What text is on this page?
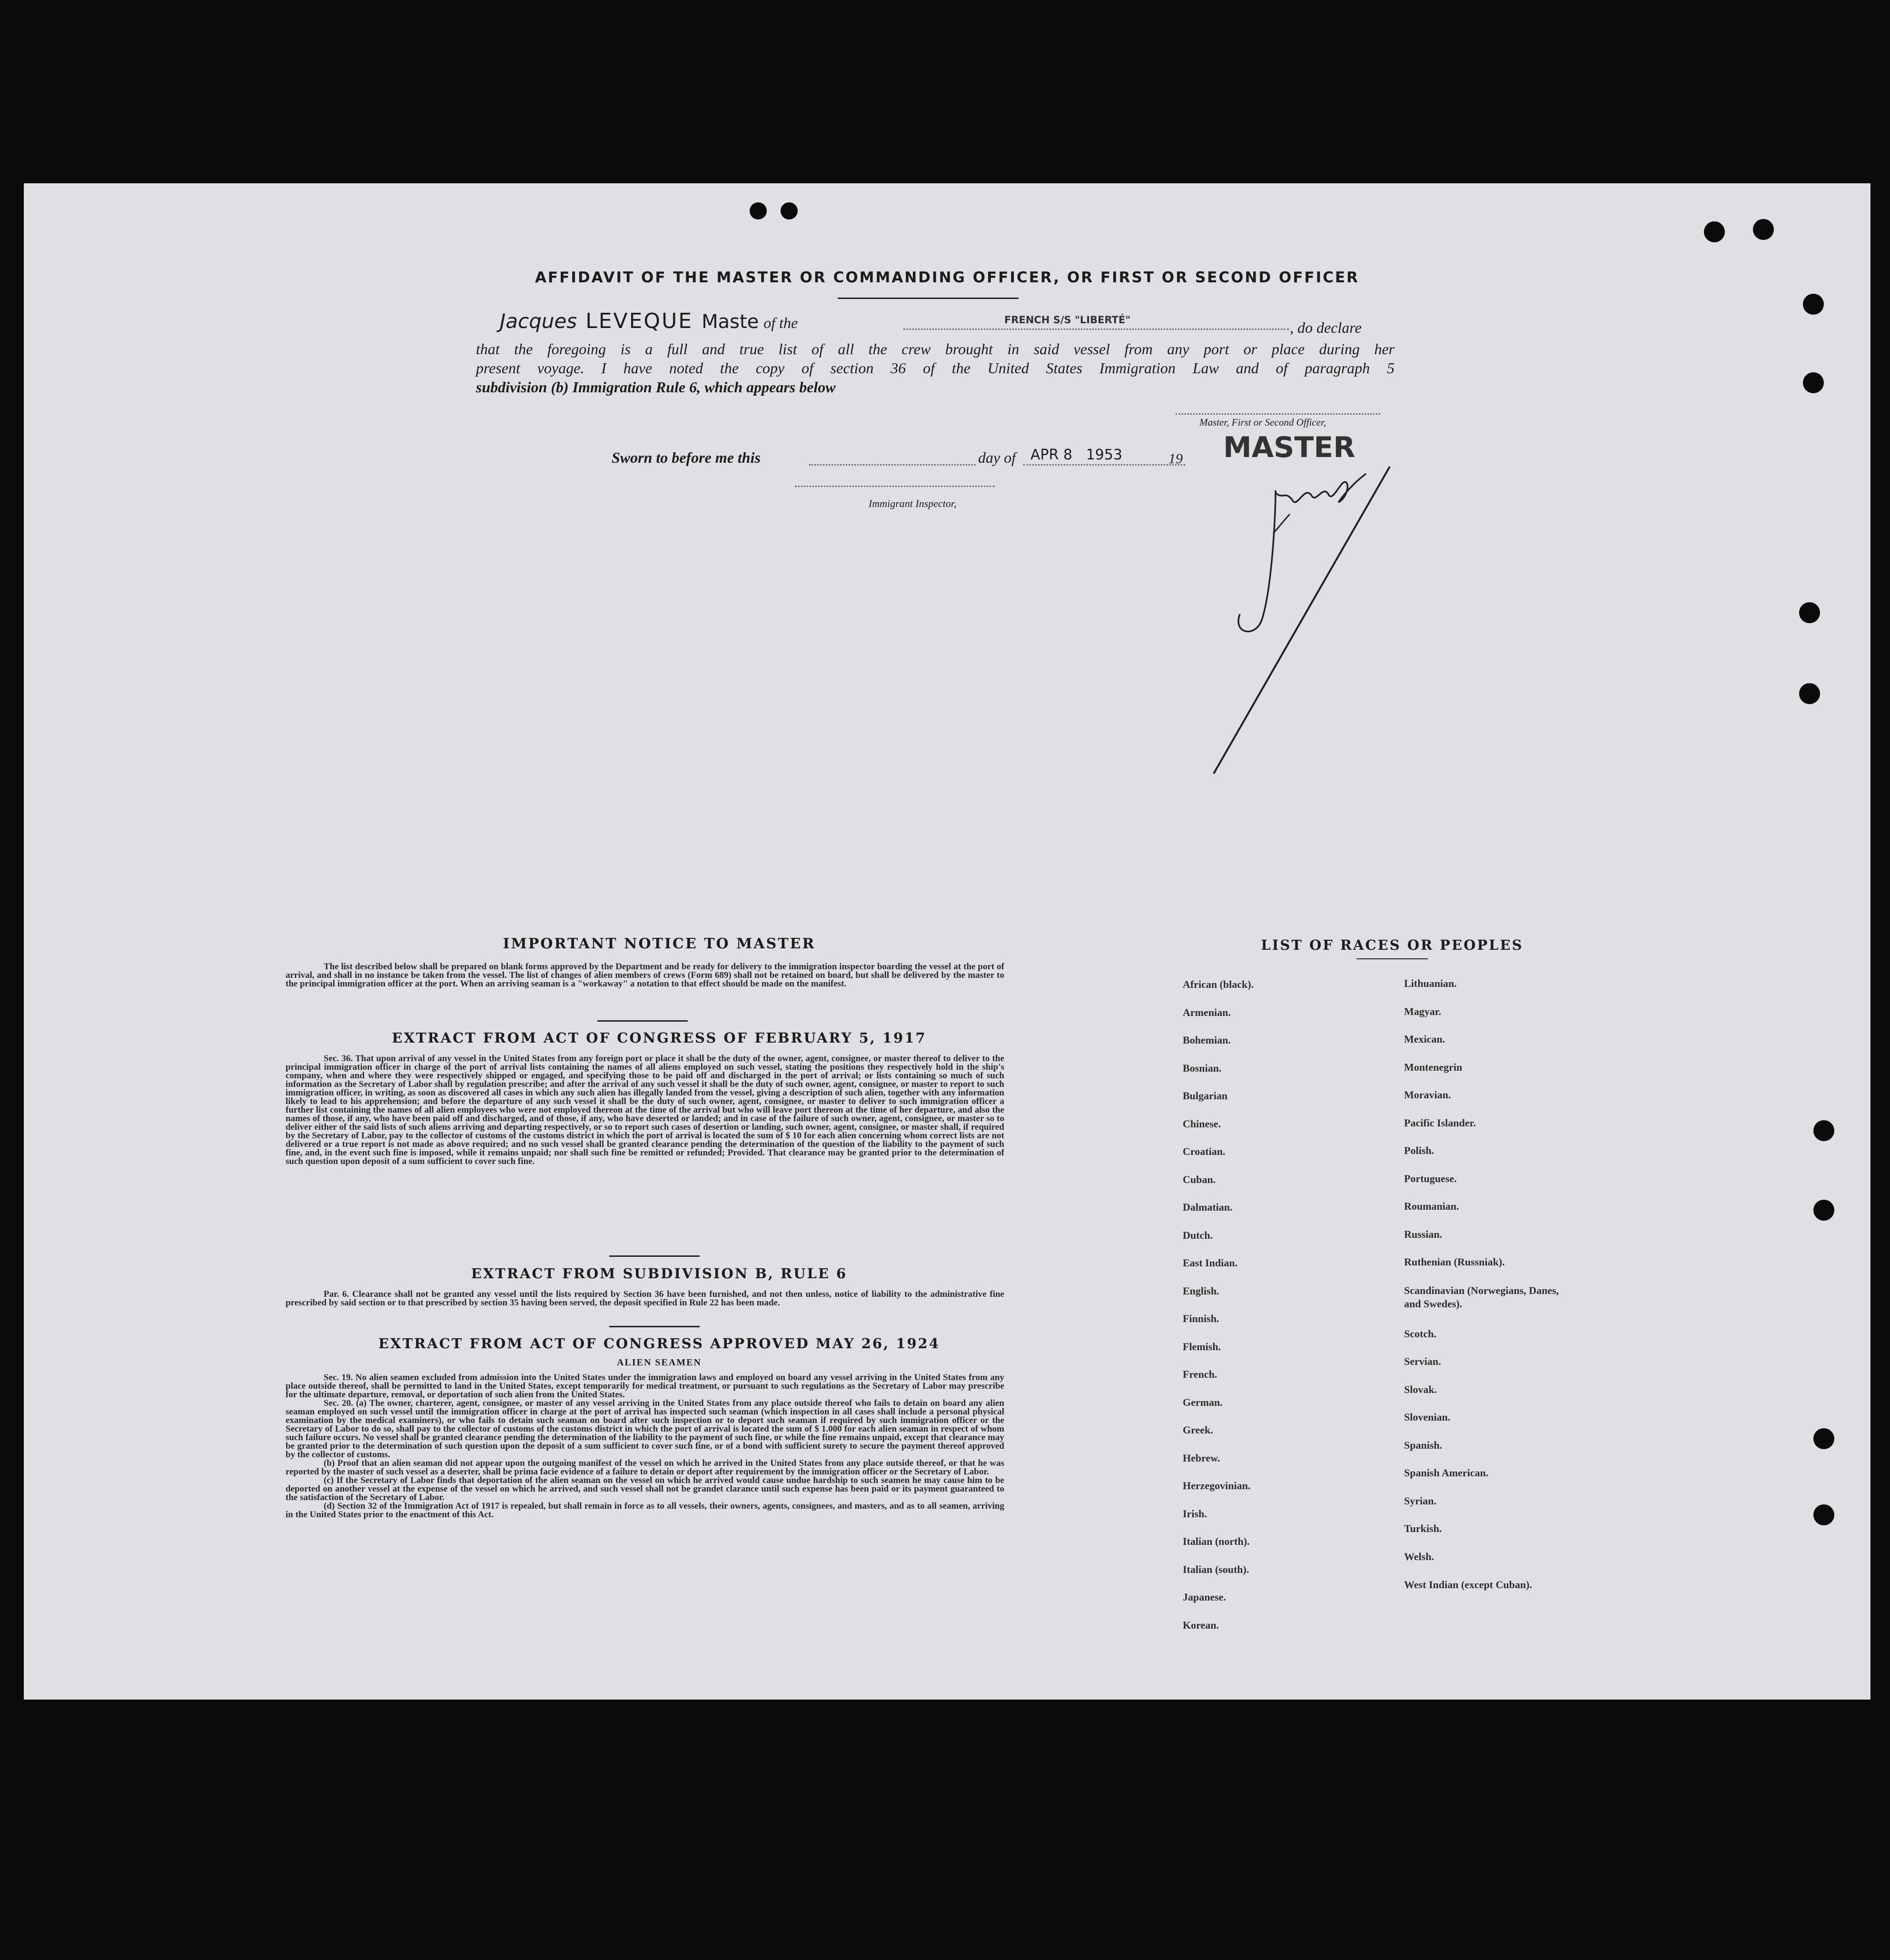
AFFIDAVIT OF THE MASTER OR COMMANDING OFFICER, OR FIRST OR SECOND OFFICER
Jacques LEVEQUE Maste of the	FRENCH S/S "LIBERTÉ"	, do declare
that the foregoing is a full and true list of all the crew brought in said vessel from any port or place during her
present voyage. I have noted the copy of section 36 of the United States Immigration Law and of paragraph 5
subdivision (b) Immigration Rule 6, which appears below
Master, First or Second Officer,
MASTER
Sworn to before me this	day of APR 8   1953	19
Immigrant Inspector,
IMPORTANT NOTICE TO MASTER

The list described below shall be prepared on blank forms approved by the Department and be ready for delivery to the immigration inspector boarding the vessel at the port of arrival, and shall in no instance be taken from the vessel. The list of changes of alien members of crews (Form 689) shall not be retained on board, but shall be delivered by the master to the principal immigration officer at the port. When an arriving seaman is a "workaway" a notation to that effect should be made on the manifest.

EXTRACT FROM ACT OF CONGRESS OF FEBRUARY 5, 1917

Sec. 36. That upon arrival of any vessel in the United States from any foreign port or place it shall be the duty of the owner, agent, consignee, or master thereof to deliver to the principal immigration officer in charge of the port of arrival lists containing the names of all aliens employed on such vessel, stating the positions they respectively hold in the ship's company, when and where they were respectively shipped or engaged, and specifying those to be paid off and discharged in the port of arrival; or lists containing so much of such information as the Secretary of Labor shall by regulation prescribe; and after the arrival of any such vessel it shall be the duty of such owner, agent, consignee, or master to report to such immigration officer, in writing, as soon as discovered all cases in which any such alien has illegally landed from the vessel, giving a description of such alien, together with any information likely to lead to his apprehension; and before the departure of any such vessel it shall be the duty of such owner, agent, consignee, or master to deliver to such immigration officer a further list containing the names of all alien employees who were not employed thereon at the time of the arrival but who will leave port thereon at the time of her departure, and also the names of those, if any, who have been paid off and discharged, and of those, if any, who have deserted or landed; and in case of the failure of such owner, agent, consignee, or master so to deliver either of the said lists of such aliens arriving and departing respectively, or so to report such cases of desertion or landing, such owner, agent, consignee, or master shall, if required by the Secretary of Labor, pay to the collector of customs of the customs district in which the port of arrival is located the sum of $ 10 for each alien concerning whom correct lists are not delivered or a true report is not made as above required; and no such vessel shall be granted clearance pending the determination of the question of the liability to the payment of such fine, and, in the event such fine is imposed, while it remains unpaid; nor shall such fine be remitted or refunded; Provided. That clearance may be granted prior to the determination of such question upon deposit of a sum sufficient to cover such fine.

EXTRACT FROM SUBDIVISION B, RULE 6

Par. 6. Clearance shall not be granted any vessel until the lists required by Section 36 have been furnished, and not then unless, notice of liability to the administrative fine prescribed by said section or to that prescribed by section 35 having been served, the deposit specified in Rule 22 has been made.

EXTRACT FROM ACT OF CONGRESS APPROVED MAY 26, 1924
ALIEN SEAMEN

Sec. 19. No alien seamen excluded from admission into the United States under the immigration laws and employed on board any vessel arriving in the United States from any place outside thereof, shall be permitted to land in the United States, except temporarily for medical treatment, or pursuant to such regulations as the Secretary of Labor may prescribe for the ultimate departure, removal, or deportation of such alien from the United States.

Sec. 20. (a) The owner, charterer, agent, consignee, or master of any vessel arriving in the United States from any place outside thereof who fails to detain on board any alien seaman employed on such vessel until the immigration officer in charge at the port of arrival has inspected such seaman (which inspection in all cases shall include a personal physical examination by the medical examiners), or who fails to detain such seaman on board after such inspection or to deport such seaman if required by such immigration officer or the Secretary of Labor to do so, shall pay to the collector of customs of the customs district in which the port of arrival is located the sum of $ 1.000 for each alien seaman in respect of whom such failure occurs. No vessel shall be granted clearance pending the determination of the liability to the payment of such fine, or while the fine remains unpaid, except that clearance may be granted prior to the determination of such question upon the deposit of a sum sufficient to cover such fine, or of a bond with sufficient surety to secure the payment thereof approved by the collector of customs.

(b) Proof that an alien seaman did not appear upon the outgoing manifest of the vessel on which he arrived in the United States from any place outside thereof, or that he was reported by the master of such vessel as a deserter, shall be prima facie evidence of a failure to detain or deport after requirement by the immigration officer or the Secretary of Labor.

(c) If the Secretary of Labor finds that deportation of the alien seaman on the vessel on which he arrived would cause undue hardship to such seamen he may cause him to be deported on another vessel at the expense of the vessel on which he arrived, and such vessel shall not be grandet clarance until such expense has been paid or its payment guaranteed to the satisfaction of the Secretary of Labor.

(d) Section 32 of the Immigration Act of 1917 is repealed, but shall remain in force as to all vessels, their owners, agents, consignees, and masters, and as to all seamen, arriving in the United States prior to the enactment of this Act.

LIST OF RACES OR PEOPLES
African (black).
Armenian.
Bohemian.
Bosnian.
Bulgarian
Chinese.
Croatian.
Cuban.
Dalmatian.
Dutch.
East Indian.
English.
Finnish.
Flemish.
French.
German.
Greek.
Hebrew.
Herzegovinian.
Irish.
Italian (north).
Italian (south).
Japanese.
Korean.
Lithuanian.
Magyar.
Mexican.
Montenegrin
Moravian.
Pacific Islander.
Polish.
Portuguese.
Roumanian.
Russian.
Ruthenian (Russniak).
Scandinavian (Norwegians, Danes, and Swedes).
Scotch.
Servian.
Slovak.
Slovenian.
Spanish.
Spanish American.
Syrian.
Turkish.
Welsh.
West Indian (except Cuban).
